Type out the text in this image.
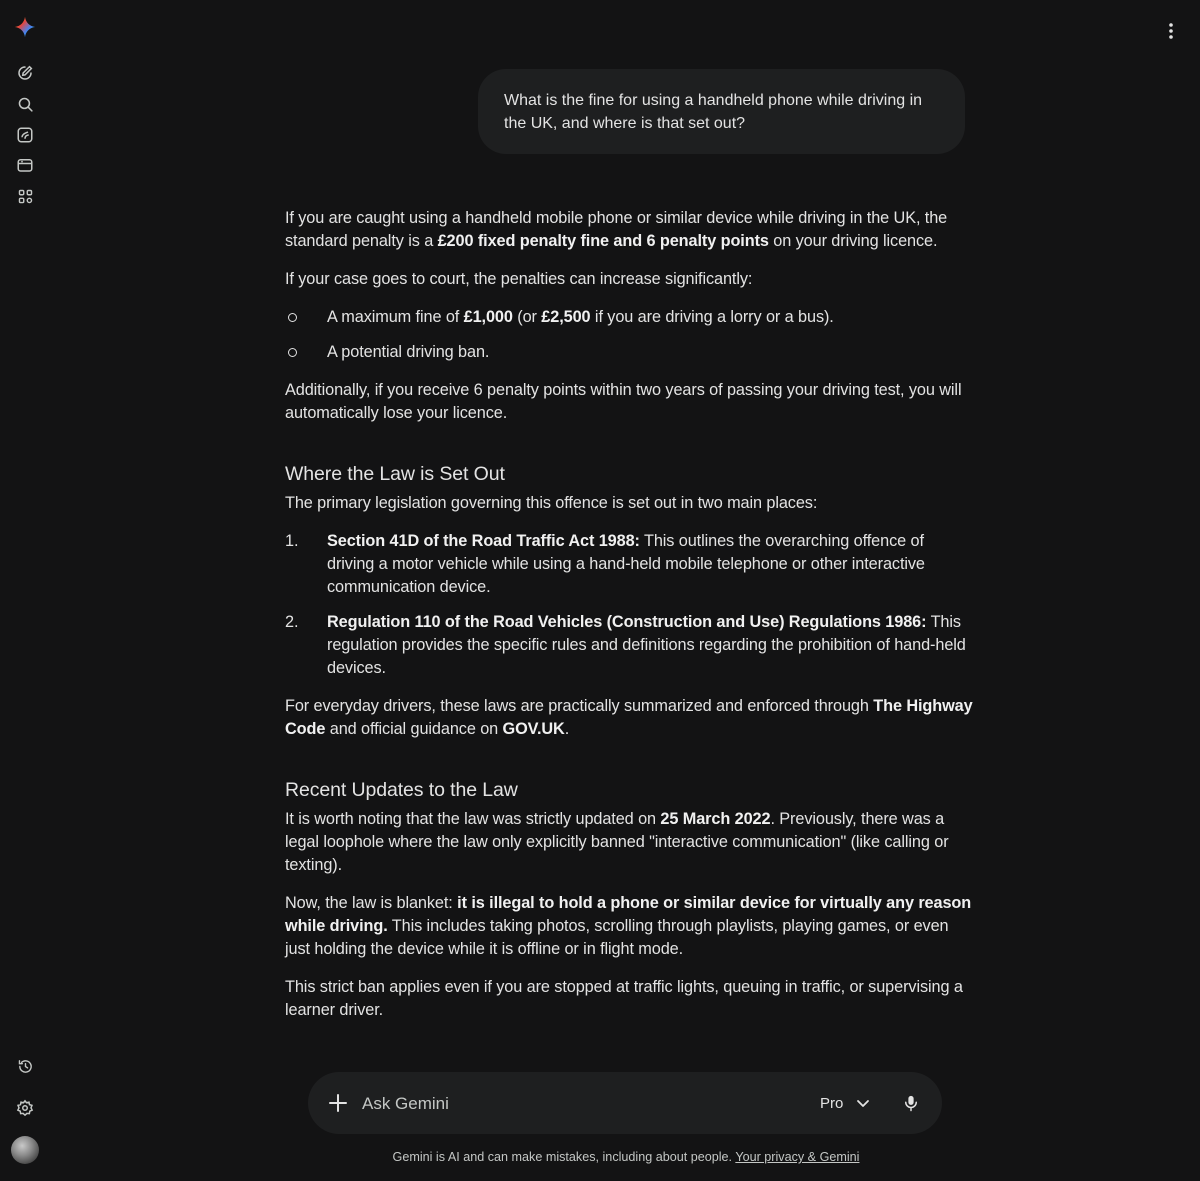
What is the fine for using a handheld phone while driving in the UK, and where is that set out?

If you are caught using a handheld mobile phone or similar device while driving in the UK, the standard penalty is a £200 fixed penalty fine and 6 penalty points on your driving licence.

If your case goes to court, the penalties can increase significantly:

A maximum fine of £1,000 (or £2,500 if you are driving a lorry or a bus).
A potential driving ban.

Additionally, if you receive 6 penalty points within two years of passing your driving test, you will automatically lose your licence.

Where the Law is Set Out

The primary legislation governing this offence is set out in two main places:

1. Section 41D of the Road Traffic Act 1988: This outlines the overarching offence of driving a motor vehicle while using a hand-held mobile telephone or other interactive communication device.
2. Regulation 110 of the Road Vehicles (Construction and Use) Regulations 1986: This regulation provides the specific rules and definitions regarding the prohibition of hand-held devices.

For everyday drivers, these laws are practically summarized and enforced through The Highway Code and official guidance on GOV.UK.

Recent Updates to the Law

It is worth noting that the law was strictly updated on 25 March 2022. Previously, there was a legal loophole where the law only explicitly banned "interactive communication" (like calling or texting).

Now, the law is blanket: it is illegal to hold a phone or similar device for virtually any reason while driving. This includes taking photos, scrolling through playlists, playing games, or even just holding the device while it is offline or in flight mode.

This strict ban applies even if you are stopped at traffic lights, queuing in traffic, or supervising a learner driver.

Ask Gemini
Pro
Gemini is AI and can make mistakes, including about people. Your privacy & Gemini
